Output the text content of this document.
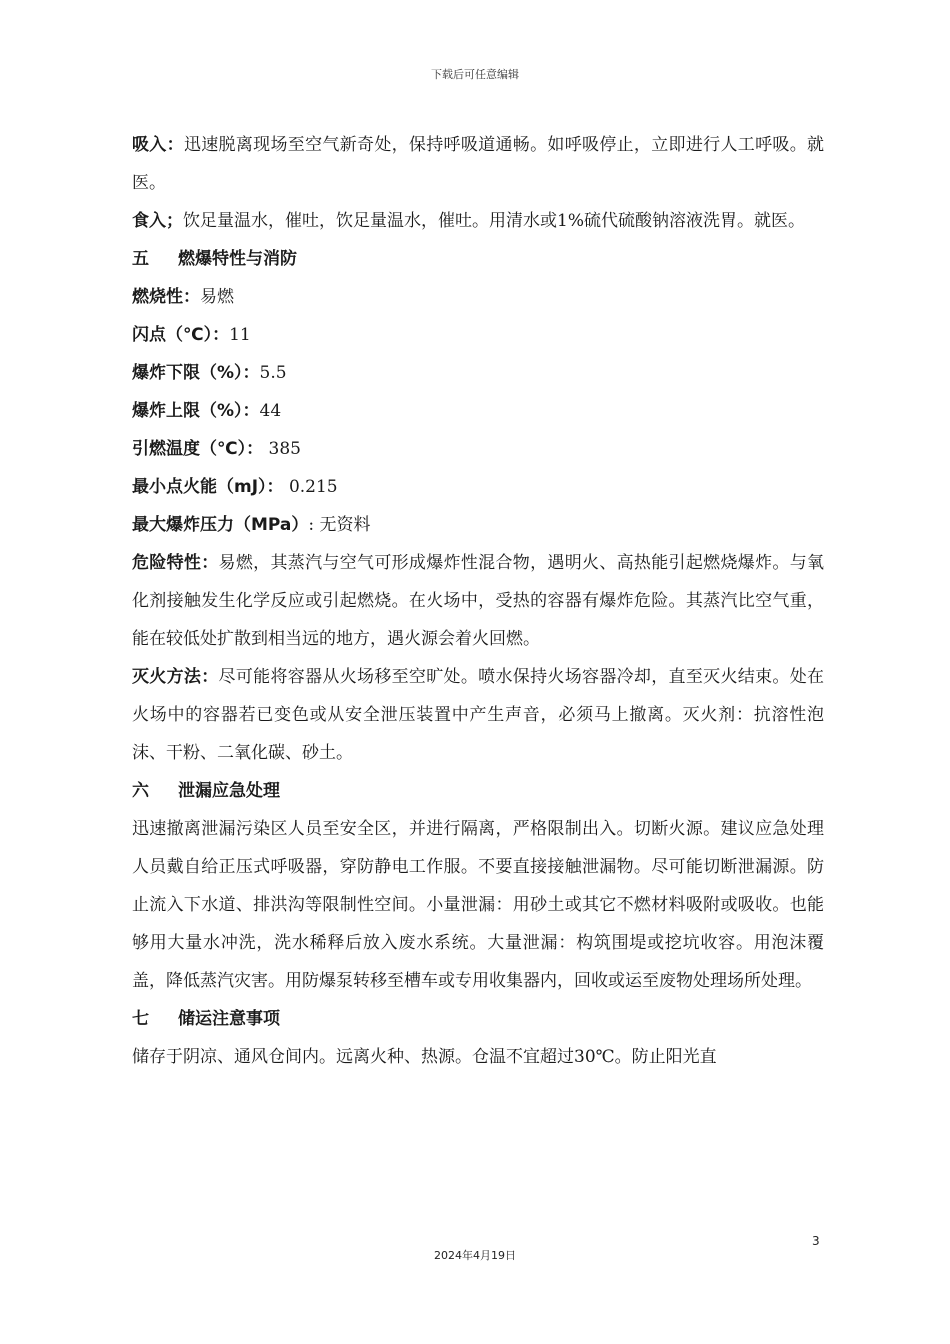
下载后可任意编辑

吸入：迅速脱离现场至空气新奇处，保持呼吸道通畅。如呼吸停止，立即进行人工呼吸。就医。

食入；饮足量温水，催吐，饮足量温水，催吐。用清水或1%硫代硫酸钠溶液洗胃。就医。

五 燃爆特性与消防

燃烧性：易燃

闪点（℃）：11

爆炸下限（%）：5.5

爆炸上限（%）：44

引燃温度（℃）： 385

最小点火能（mJ）： 0.215

最大爆炸压力（MPa）: 无资料

危险特性：易燃，其蒸汽与空气可形成爆炸性混合物，遇明火、高热能引起燃烧爆炸。与氧化剂接触发生化学反应或引起燃烧。在火场中，受热的容器有爆炸危险。其蒸汽比空气重，能在较低处扩散到相当远的地方，遇火源会着火回燃。

灭火方法：尽可能将容器从火场移至空旷处。喷水保持火场容器冷却，直至灭火结束。处在火场中的容器若已变色或从安全泄压装置中产生声音，必须马上撤离。灭火剂：抗溶性泡沫、干粉、二氧化碳、砂土。

六 泄漏应急处理

迅速撤离泄漏污染区人员至安全区，并进行隔离，严格限制出入。切断火源。建议应急处理人员戴自给正压式呼吸器，穿防静电工作服。不要直接接触泄漏物。尽可能切断泄漏源。防止流入下水道、排洪沟等限制性空间。小量泄漏：用砂土或其它不燃材料吸附或吸收。也能够用大量水冲洗，洗水稀释后放入废水系统。大量泄漏：构筑围堤或挖坑收容。用泡沫覆盖，降低蒸汽灾害。用防爆泵转移至槽车或专用收集器内，回收或运至废物处理场所处理。

七 储运注意事项

储存于阴凉、通风仓间内。远离火种、热源。仓温不宜超过30℃。防止阳光直

3
2024年4月19日
